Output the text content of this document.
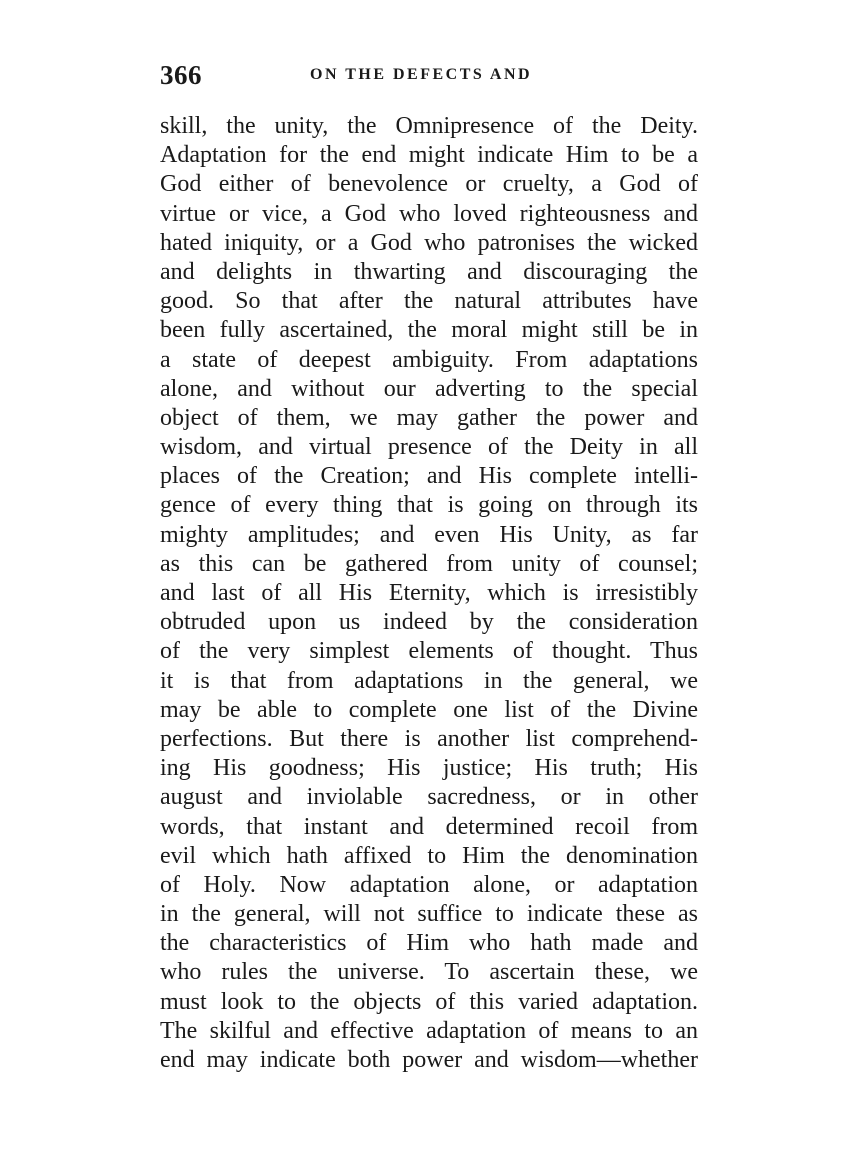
366	ON THE DEFECTS AND
skill, the unity, the Omnipresence of the Deity.
Adaptation for the end might indicate Him to be a
God either of benevolence or cruelty, a God of
virtue or vice, a God who loved righteousness and
hated iniquity, or a God who patronises the wicked
and delights in thwarting and discouraging the
good. So that after the natural attributes have
been fully ascertained, the moral might still be in
a state of deepest ambiguity. From adaptations
alone, and without our adverting to the special
object of them, we may gather the power and
wisdom, and virtual presence of the Deity in all
places of the Creation; and His complete intelli-
gence of every thing that is going on through its
mighty amplitudes; and even His Unity, as far
as this can be gathered from unity of counsel;
and last of all His Eternity, which is irresistibly
obtruded upon us indeed by the consideration
of the very simplest elements of thought. Thus
it is that from adaptations in the general, we
may be able to complete one list of the Divine
perfections. But there is another list comprehend-
ing His goodness; His justice; His truth; His
august and inviolable sacredness, or in other
words, that instant and determined recoil from
evil which hath affixed to Him the denomination
of Holy. Now adaptation alone, or adaptation
in the general, will not suffice to indicate these as
the characteristics of Him who hath made and
who rules the universe. To ascertain these, we
must look to the objects of this varied adaptation.
The skilful and effective adaptation of means to an
end may indicate both power and wisdom—whether
